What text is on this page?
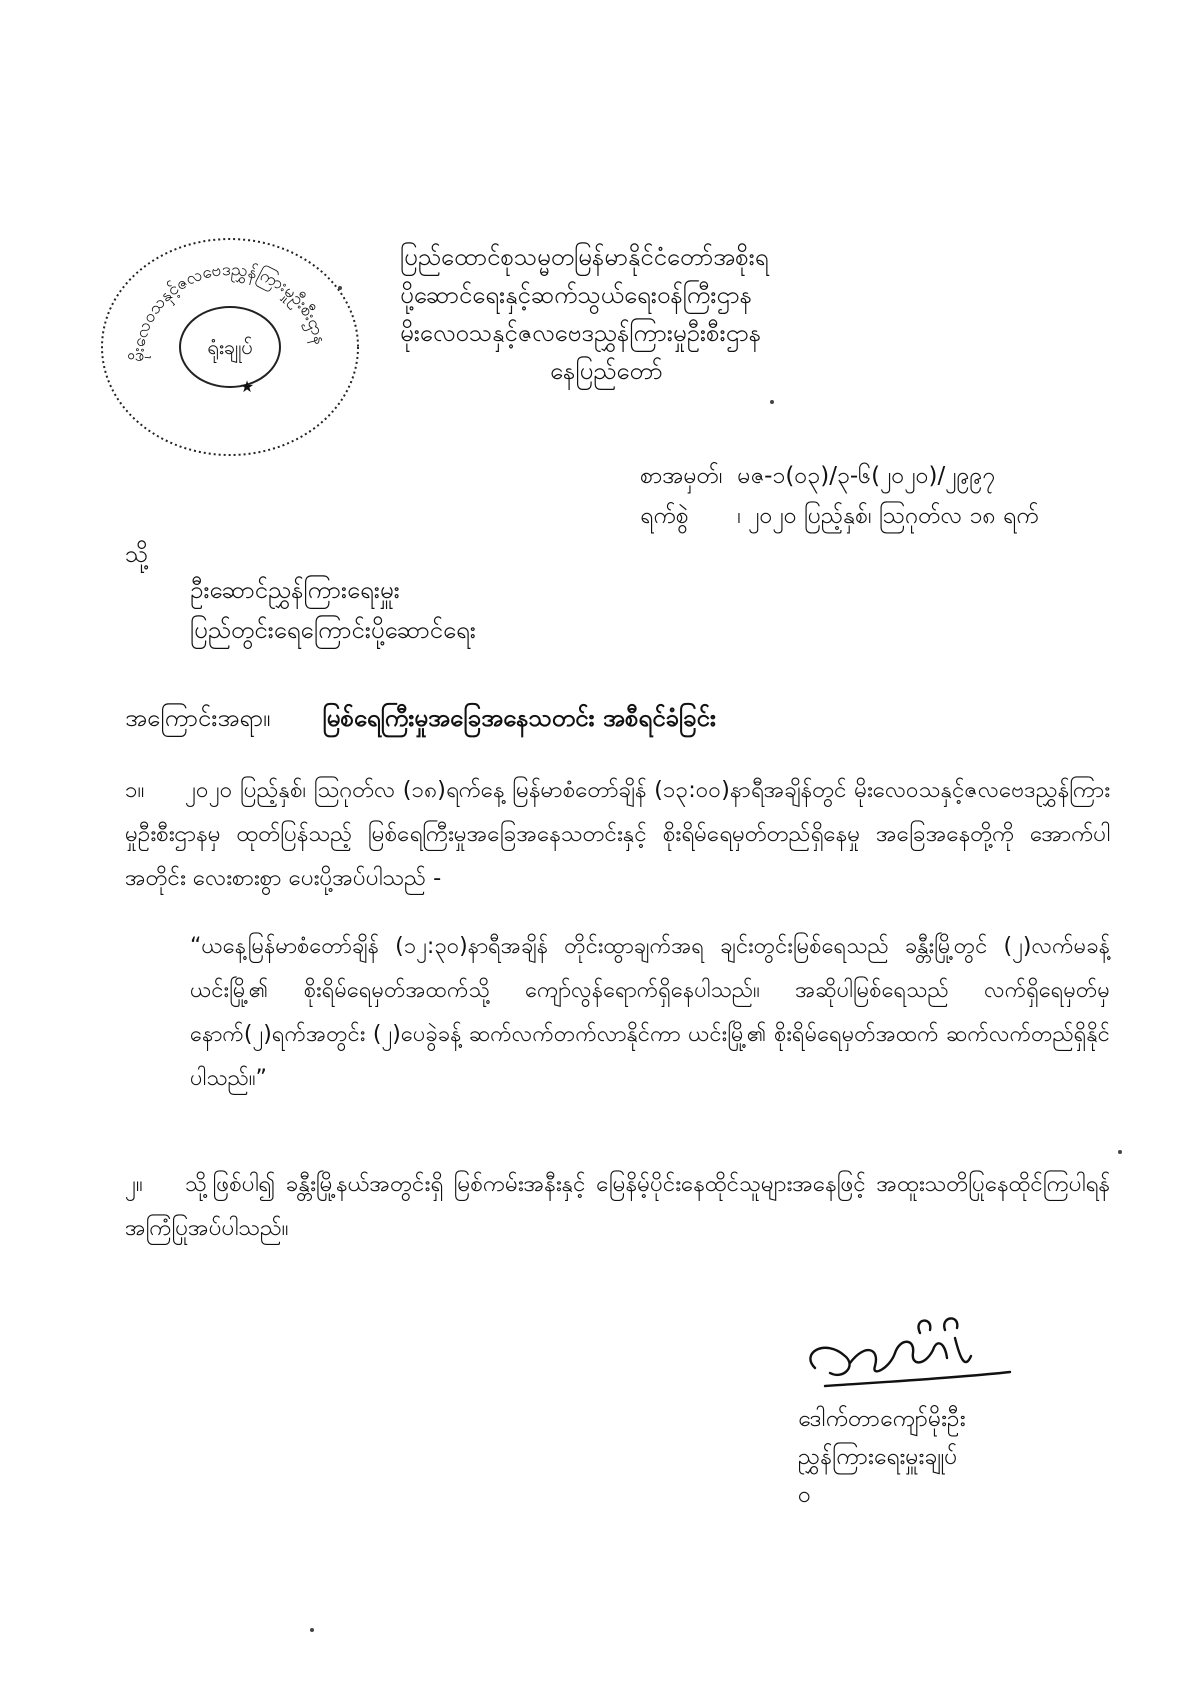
မိုးလေဝသနှင့်ဇလဗေဒညွှန်ကြားမှုဦးစီးဌာန
ရုံးချုပ်
★
ပြည်ထောင်စုသမ္မတမြန်မာနိုင်ငံတော်အစိုးရ
ပို့ဆောင်ရေးနှင့်ဆက်သွယ်ရေးဝန်ကြီးဌာန
မိုးလေဝသနှင့်ဇလဗေဒညွှန်ကြားမှုဦးစီးဌာန
နေပြည်တော်
စာအမှတ်၊ မဇ-၁(၀၃)/၃-၆(၂၀၂၀)/၂၉၉၇
ရက်စွဲ ၊ ၂၀၂၀ ပြည့်နှစ်၊ ဩဂုတ်လ ၁၈ ရက်
သို့
ဦးဆောင်ညွှန်ကြားရေးမှူး
ပြည်တွင်းရေကြောင်းပို့ဆောင်ရေး
အကြောင်းအရာ။ မြစ်ရေကြီးမှုအခြေအနေသတင်း အစီရင်ခံခြင်း
၁။ ၂၀၂၀ ပြည့်နှစ်၊ ဩဂုတ်လ (၁၈)ရက်နေ့ မြန်မာစံတော်ချိန် (၁၃:၀၀)နာရီအချိန်တွင် မိုးလေဝသနှင့်ဇလဗေဒညွှန်ကြားမှုဦးစီးဌာနမှ ထုတ်ပြန်သည့် မြစ်ရေကြီးမှုအခြေအနေသတင်းနှင့် စိုးရိမ်ရေမှတ်တည်ရှိနေမှု အခြေအနေတို့ကို အောက်ပါအတိုင်း လေးစားစွာ ပေးပို့အပ်ပါသည် -
“ယနေ့မြန်မာစံတော်ချိန် (၁၂:၃၀)နာရီအချိန် တိုင်းထွာချက်အရ ချင်းတွင်းမြစ်ရေသည် ခန္တီးမြို့တွင် (၂)လက်မခန့် ယင်းမြို့၏ စိုးရိမ်ရေမှတ်အထက်သို့ ကျော်လွန်ရောက်ရှိနေပါသည်။ အဆိုပါမြစ်ရေသည် လက်ရှိရေမှတ်မှ နောက်(၂)ရက်အတွင်း (၂)ပေခွဲခန့် ဆက်လက်တက်လာနိုင်ကာ ယင်းမြို့၏ စိုးရိမ်ရေမှတ်အထက် ဆက်လက်တည်ရှိနိုင်ပါသည်။”
၂။ သို့ဖြစ်ပါ၍ ခန္တီးမြို့နယ်အတွင်းရှိ မြစ်ကမ်းအနီးနှင့် မြေနိမ့်ပိုင်းနေထိုင်သူများအနေဖြင့် အထူးသတိပြုနေထိုင်ကြပါရန် အကြံပြုအပ်ပါသည်။
ဒေါက်တာကျော်မိုးဦး
ညွှန်ကြားရေးမှူးချုပ်
ဝ
